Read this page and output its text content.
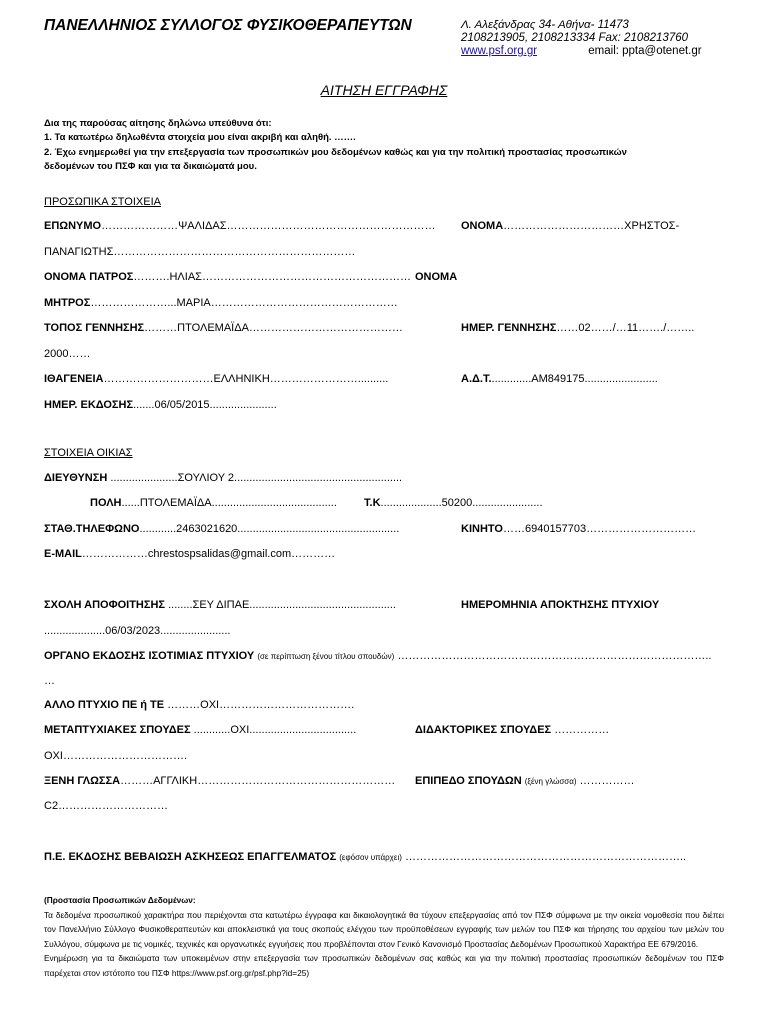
ΠΑΝΕΛΛΗΝΙΟΣ ΣΥΛΛΟΓΟΣ ΦΥΣΙΚΟΘΕΡΑΠΕΥΤΩΝ	Λ. Αλεξάνδρας 34- Αθήνα- 11473
2108213905, 2108213334 Fax: 2108213760
www.psf.org.gr	email: ppta@otenet.gr
ΑΙΤΗΣΗ ΕΓΓΡΑΦΗΣ
Δια της παρούσας αίτησης δηλώνω υπεύθυνα ότι:
1. Τα κατωτέρω δηλωθέντα στοιχεία μου είναι ακριβή και αληθή. …….
2. Έχω ενημερωθεί για την επεξεργασία των προσωπικών μου δεδομένων καθώς και για την πολιτική προστασίας προσωπικών
δεδομένων του ΠΣΦ και για τα δικαιώματά μου.
ΠΡΟΣΩΠΙΚΑ ΣΤΟΙΧΕΙΑ
ΕΠΩΝΥΜΟ…………………ΨΑΛΙΔΑΣ………………………………………………… ΟΝΟΜΑ……………………………ΧΡΗΣΤΟΣ-
ΠΑΝΑΓΙΩΤΗΣ…………………………………………………………
ΟΝΟΜΑ ΠΑΤΡΟΣ……….ΗΛΙΑΣ………………………………………………… ΟΝΟΜΑ
ΜΗΤΡΟΣ…………………...ΜΑΡΙΑ……………………………………………
ΤΟΠΟΣ ΓΕΝΝΗΣΗΣ………ΠΤΟΛΕΜΑΪΔΑ……………………………………	ΗΜΕΡ. ΓΕΝΝΗΣΗΣ……02……/…11……./……..
2000……
ΙΘΑΓΕΝΕΙΑ…………………………ΕΛΛΗΝΙΚΗ……………………..........	Α.Δ.Τ..............ΑΜ849175........................
ΗΜΕΡ. ΕΚΔΟΣΗΣ.......06/05/2015......................
ΣΤΟΙΧΕΙΑ ΟΙΚΙΑΣ
ΔΙΕΥΘΥΝΣΗ ......................ΣΟΥΛΙΟΥ 2.......................................................
ΠΟΛΗ......ΠΤΟΛΕΜΑΪΔΑ......................................... Τ.Κ....................50200.......................
ΣΤΑΘ.ΤΗΛΕΦΩΝΟ............2463021620.....................................................	ΚΙΝΗΤΟ……6940157703…………………………
E-MAIL………………chrestospsalidas@gmail.com…………
ΣΧΟΛΗ ΑΠΟΦΟΙΤΗΣΗΣ ........ΣΕΥ ΔΙΠΑΕ................................................	ΗΜΕΡΟΜΗΝΙΑ ΑΠΟΚΤΗΣΗΣ ΠΤΥΧΙΟΥ
....................06/03/2023.......................
ΟΡΓΑΝΟ ΕΚΔΟΣΗΣ ΙΣΟΤΙΜΙΑΣ ΠΤΥΧΙΟΥ (σε περίπτωση ξένου τίτλου σπουδών) …………………………………………………………………………..
…
ΑΛΛΟ ΠΤΥΧΙΟ ΠΕ ή ΤΕ ………ΟΧΙ……………………………….
ΜΕΤΑΠΤΥΧΙΑΚΕΣ ΣΠΟΥΔΕΣ ............ΟΧΙ...................................	ΔΙΔΑΚΤΟΡΙΚΕΣ ΣΠΟΥΔΕΣ ……………
ΟΧΙ…………………………….
ΞΕΝΗ ΓΛΩΣΣΑ………ΑΓΓΛΙΚΗ……………………………………………… ΕΠΙΠΕΔΟ ΣΠΟΥΔΩΝ (ξένη γλώσσα) ……………
C2…………………………
Π.Ε. ΕΚΔΟΣΗΣ ΒΕΒΑΙΩΣΗ ΑΣΚΗΣΕΩΣ ΕΠΑΓΓΕΛΜΑΤΟΣ (εφόσον υπάρχει) …………………………………………………………………..
(Προστασία Προσωπικών Δεδομένων:
Τα δεδομένα προσωπικού χαρακτήρα που περιέχονται στα κατωτέρω έγγραφα και δικαιολογητικά θα τύχουν επεξεργασίας από τον ΠΣΦ σύμφωνα με την οικεία νομοθεσία που διέπει τον Πανελλήνιο Σύλλογο Φυσικοθεραπευτών και αποκλειστικά για τους σκοπούς ελέγχου των προϋποθέσεων εγγραφής των μελών του ΠΣΦ και τήρησης του αρχείου των μελών του Συλλόγου, σύμφωνα με τις νομικές, τεχνικές και οργανωτικές εγγυήσεις που προβλέπονται στον Γενικό Κανονισμό Προστασίας Δεδομένων Προσωπικού Χαρακτήρα ΕΕ 679/2016.
Ενημέρωση για τα δικαιώματα των υποκειμένων στην επεξεργασία των προσωπικών δεδομένων σας καθώς και για την πολιτική προστασίας προσωπικών δεδομένων του ΠΣΦ παρέχεται στον ιστότοπο του ΠΣΦ https://www.psf.org.gr/psf.php?id=25)
